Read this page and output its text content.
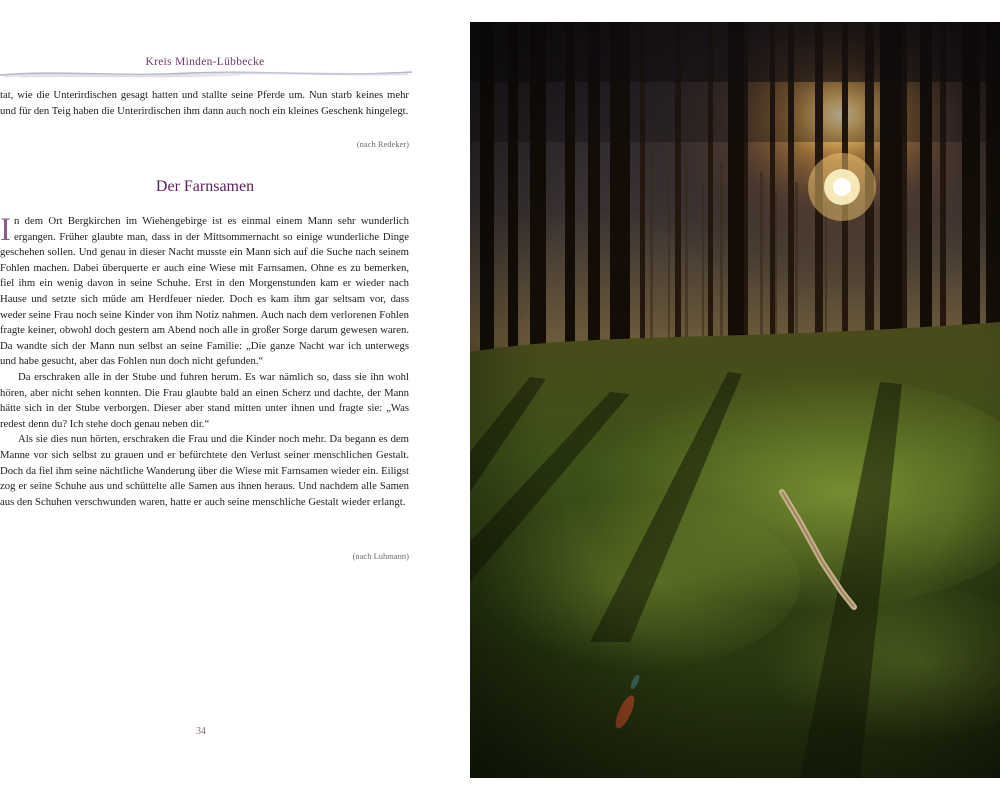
Kreis Minden-Lübbecke

tat, wie die Unterirdischen gesagt hatten und stallte seine Pferde um. Nun starb keines mehr und für den Teig haben die Unterirdischen ihm dann auch noch ein kleines Geschenk hingelegt.

(nach Redeker)
Der Farnsamen

In dem Ort Bergkirchen im Wiehengebirge ist es einmal einem Mann sehr wunderlich ergangen. Früher glaubte man, dass in der Mittsommernacht so einige wunderliche Dinge geschehen sollen. Und genau in dieser Nacht musste ein Mann sich auf die Suche nach seinem Fohlen machen. Dabei überquerte er auch eine Wiese mit Farnsamen. Ohne es zu bemerken, fiel ihm ein wenig davon in seine Schuhe. Erst in den Morgenstunden kam er wieder nach Hause und setzte sich müde am Herdfeuer nieder. Doch es kam ihm gar seltsam vor, dass weder seine Frau noch seine Kinder von ihm Notiz nahmen. Auch nach dem verlorenen Fohlen fragte keiner, obwohl doch gestern am Abend noch alle in großer Sorge darum gewesen waren. Da wandte sich der Mann nun selbst an seine Familie: „Die ganze Nacht war ich unterwegs und habe gesucht, aber das Fohlen nun doch nicht gefunden.“

Da erschraken alle in der Stube und fuhren herum. Es war nämlich so, dass sie ihn wohl hören, aber nicht sehen konnten. Die Frau glaubte bald an einen Scherz und dachte, der Mann hätte sich in der Stube verborgen. Dieser aber stand mitten unter ihnen und fragte sie: „Was redest denn du? Ich stehe doch genau neben dir.“

Als sie dies nun hörten, erschraken die Frau und die Kinder noch mehr. Da begann es dem Manne vor sich selbst zu grauen und er befürchtete den Verlust seiner menschlichen Gestalt. Doch da fiel ihm seine nächtliche Wanderung über die Wiese mit Farnsamen wieder ein. Eiligst zog er seine Schuhe aus und schüttelte alle Samen aus ihnen heraus. Und nachdem alle Samen aus den Schuhen verschwunden waren, hatte er auch seine menschliche Gestalt wieder erlangt.

(nach Luhmann)
34
